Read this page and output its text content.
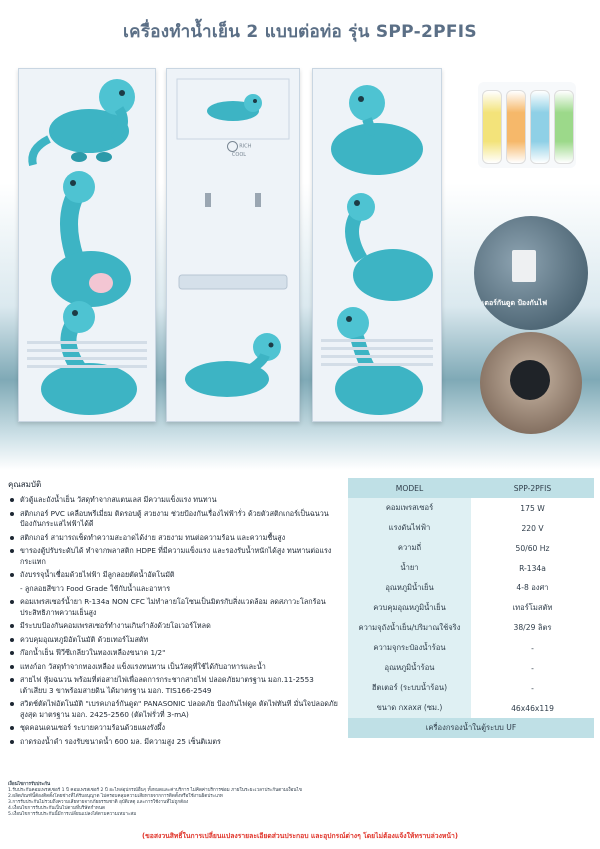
เครื่องทำน้ำเย็น 2 แบบต่อท่อ รุ่น SPP-2PFIS
RICH COOL
เตอร์กันดูด ป้องกันไฟ
คุณสมบัติ
ตัวตู้และถังน้ำเย็น วัสดุทำจากสแตนเลส มีความแข็งแรง ทนทาน
สติกเกอร์ PVC เคลือบพรีเมี่ยม ติดรอบตู้ สวยงาม ช่วยป้องกันเรื่องไฟฟ้ารั่ว ด้วยตัวสติกเกอร์เป็นฉนวนป้องกันกระแสไฟฟ้าได้ดี
สติกเกอร์ สามารถเช็ดทำความสะอาดได้ง่าย สวยงาม ทนต่อความร้อน และความชื้นสูง
ขารองตู้ปรับระดับได้ ทำจากพลาสติก HDPE ที่มีความแข็งแรง และรองรับน้ำหนักได้สูง ทนทานต่อแรงกระแทก
ถังบรรจุน้ำเชื่อมด้วยไฟฟ้า มีลูกลอยตัดน้ำอัตโนมัติ
- ลูกลอยสีขาว Food Grade ใช้กับน้ำและอาหาร
คอมเพรสเซอร์น้ำยา R-134a NON CFC ไม่ทำลายโอโซนเป็นมิตรกับสิ่งแวดล้อม ลดสภาวะโลกร้อน ประสิทธิภาพความเย็นสูง
มีระบบป้องกันคอมเพรสเซอร์ทำงานเกินกำลังด้วยโอเวอร์โหลด
ควบคุมอุณหภูมิอัตโนมัติ ด้วยเทอร์โมสตัท
ก๊อกน้ำเย็น ฟีวีซีเกลียวในทองเหลืองขนาด 1/2"
แทงก์อก วัสดุทำจากทองเหลือง แข็งแรงทนทาน เป็นวัสดุที่ใช้ได้กับอาหารและน้ำ
สายไฟ หุ้มฉนวน พร้อมที่ต่อสายไฟเพื่อลดการกระชากสายไฟ ปลอดภัยมาตรฐาน มอก.11-2553 เต้าเสียบ 3 ขาพร้อมสายดิน ได้มาตรฐาน มอก. TIS166-2549
สวิตช์ตัดไฟอัตโนมัติ "เบรคเกอร์กันดูด" PANASONIC ปลอดภัย ป้องกันไฟดูด ตัดไฟทันที มั่นใจปลอดภัยสูงสุด มาตรฐาน มอก. 2425-2560 (ตัดไฟรั่วที่ 3-mA)
ชุดคอนเดนเซอร์ ระบายความร้อนด้วยแผงรังผึ้ง
ถาดรองน้ำดำ รองรับขนาดน้ำ 600 มล. มีความสูง 25 เซ็นติเมตร
MODEL	SPP-2PFIS
คอมเพรสเซอร์	175 W
แรงดันไฟฟ้า	220 V
ความถี่	50/60 Hz
น้ำยา	R-134a
อุณหภูมิน้ำเย็น	4-8 องศา
ควบคุมอุณหภูมิน้ำเย็น	เทอร์โมสตัท
ความจุถังน้ำเย็น/ปริมาณใช้จริง	38/29 ลิตร
ความจุกระป๋องน้ำร้อน	-
อุณหภูมิน้ำร้อน	-
ฮีตเตอร์ (ระบบน้ำร้อน)	-
ขนาด กxลxส (ซม.)	46x46x119
เครื่องกรองน้ำในตู้ระบบ UF	
เงื่อนไขการรับประกัน
1.รับประกันคอมเพรสเซอร์ 1 ปี คอมเพรสเซอร์ 2 ปี อะไหล่อุปกรณ์อื่นๆ ทั้งหมดและค่าบริการ ไม่คิดค่าบริการซ่อม ภายในระยะเวลาประกันตามเงื่อนไข
2.ผลิตภัณฑ์นี้ต้องติดตั้งโดยช่างที่ได้รับอนุญาต ไม่ครอบคลุมความเสียหายจากการติดตั้งหรือใช้งานผิดประเภท
3.การรับประกันไม่รวมถึงความเสียหายจากภัยธรรมชาติ อุบัติเหตุ และการใช้งานที่ไม่ถูกต้อง
4.เงื่อนไขการรับประกันเป็นไปตามที่บริษัทกำหนด
5.เงื่อนไขการรับประกันนี้มีการเปลี่ยนแปลงได้ตามความเหมาะสม
(ขอสงวนสิทธิ์ในการเปลี่ยนแปลงรายละเอียดส่วนประกอบ และอุปกรณ์ต่างๆ โดยไม่ต้องแจ้งให้ทราบล่วงหน้า)
